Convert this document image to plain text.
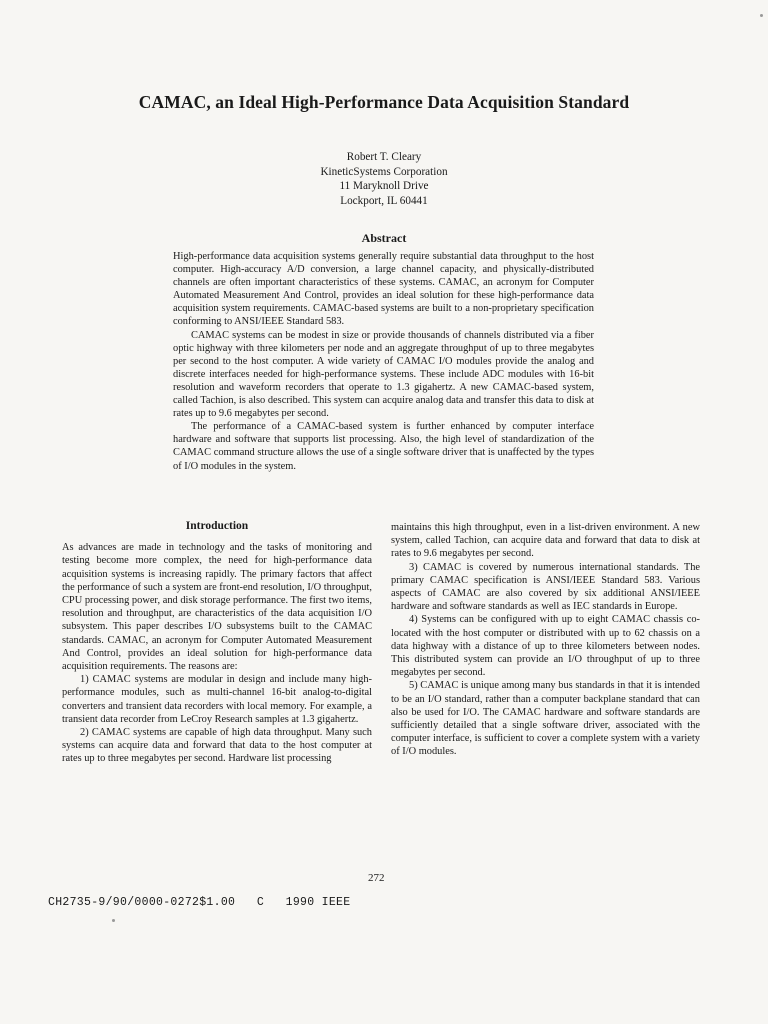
CAMAC, an Ideal High-Performance Data Acquisition Standard
Robert T. Cleary
KineticSystems Corporation
11 Maryknoll Drive
Lockport, IL 60441
Abstract

High-performance data acquisition systems generally require substantial data throughput to the host computer. High-accuracy A/D conversion, a large channel capacity, and physically-distributed channels are often important characteristics of these systems. CAMAC, an acronym for Computer Automated Measurement And Control, provides an ideal solution for these high-performance data acquisition system requirements. CAMAC-based systems are built to a non-proprietary specification conforming to ANSI/IEEE Standard 583.

CAMAC systems can be modest in size or provide thousands of channels distributed via a fiber optic highway with three kilometers per node and an aggregate throughput of up to three megabytes per second to the host computer. A wide variety of CAMAC I/O modules provide the analog and discrete interfaces needed for high-performance systems. These include ADC modules with 16-bit resolution and waveform recorders that operate to 1.3 gigahertz. A new CAMAC-based system, called Tachion, is also described. This system can acquire analog data and transfer this data to disk at rates up to 9.6 megabytes per second.

The performance of a CAMAC-based system is further enhanced by computer interface hardware and software that supports list processing. Also, the high level of standardization of the CAMAC command structure allows the use of a single software driver that is unaffected by the types of I/O modules in the system.

Introduction

As advances are made in technology and the tasks of monitoring and testing become more complex, the need for high-performance data acquisition systems is increasing rapidly. The primary factors that affect the performance of such a system are front-end resolution, I/O throughput, CPU processing power, and disk storage performance. The first two items, resolution and throughput, are characteristics of the data acquisition I/O subsystem. This paper describes I/O subsystems built to the CAMAC standards. CAMAC, an acronym for Computer Automated Measurement And Control, provides an ideal solution for high-performance data acquisition requirements. The reasons are:

1) CAMAC systems are modular in design and include many high-performance modules, such as multi-channel 16-bit analog-to-digital converters and transient data recorders with local memory. For example, a transient data recorder from LeCroy Research samples at 1.3 gigahertz.

2) CAMAC systems are capable of high data throughput. Many such systems can acquire data and forward that data to the host computer at rates up to three megabytes per second. Hardware list processing

maintains this high throughput, even in a list-driven environment. A new system, called Tachion, can acquire data and forward that data to disk at rates to 9.6 megabytes per second.

3) CAMAC is covered by numerous international standards. The primary CAMAC specification is ANSI/IEEE Standard 583. Various aspects of CAMAC are also covered by six additional ANSI/IEEE hardware and software standards as well as IEC standards in Europe.

4) Systems can be configured with up to eight CAMAC chassis co-located with the host computer or distributed with up to 62 chassis on a data highway with a distance of up to three kilometers between nodes. This distributed system can provide an I/O throughput of up to three megabytes per second.

5) CAMAC is unique among many bus standards in that it is intended to be an I/O standard, rather than a computer backplane standard that can also be used for I/O. The CAMAC hardware and software standards are sufficiently detailed that a single software driver, associated with the computer interface, is sufficient to cover a complete system with a variety of I/O modules.

272
CH2735-9/90/0000-0272$1.00   C   1990 IEEE
